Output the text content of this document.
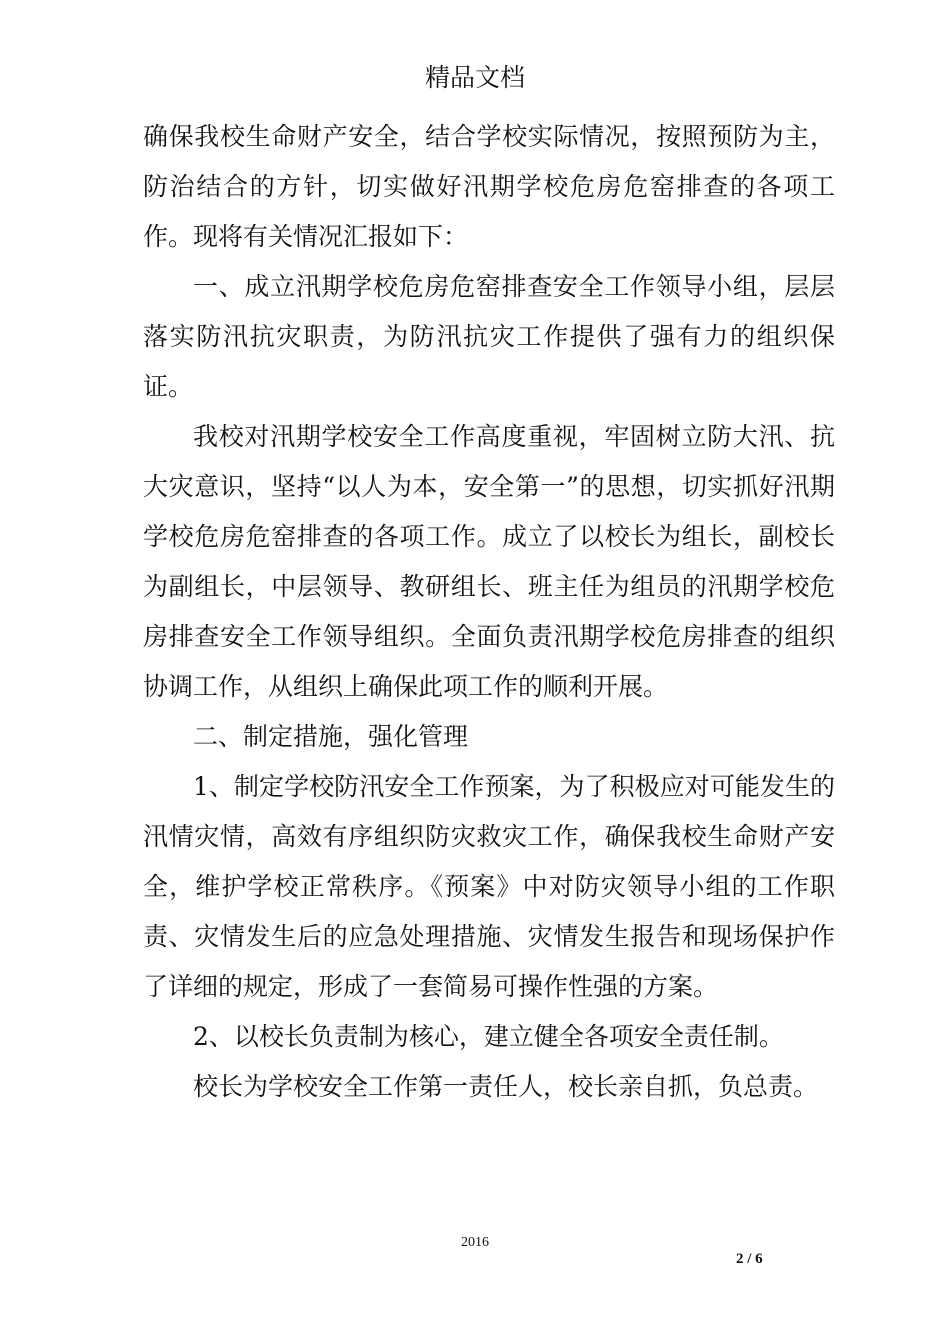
精品文档

确保我校生命财产安全，结合学校实际情况，按照预防为主，防治结合的方针，切实做好汛期学校危房危窑排查的各项工作。现将有关情况汇报如下：

一、成立汛期学校危房危窑排查安全工作领导小组，层层落实防汛抗灾职责，为防汛抗灾工作提供了强有力的组织保证。

我校对汛期学校安全工作高度重视，牢固树立防大汛、抗大灾意识，坚持“以人为本，安全第一”的思想，切实抓好汛期学校危房危窑排查的各项工作。成立了以校长为组长，副校长为副组长，中层领导、教研组长、班主任为组员的汛期学校危房排查安全工作领导组织。全面负责汛期学校危房排查的组织协调工作，从组织上确保此项工作的顺利开展。

二、制定措施，强化管理

1、制定学校防汛安全工作预案，为了积极应对可能发生的汛情灾情，高效有序组织防灾救灾工作，确保我校生命财产安全，维护学校正常秩序。《预案》中对防灾领导小组的工作职责、灾情发生后的应急处理措施、灾情发生报告和现场保护作了详细的规定，形成了一套简易可操作性强的方案。

2、以校长负责制为核心，建立健全各项安全责任制。

校长为学校安全工作第一责任人，校长亲自抓，负总责。

2016
2 / 6
